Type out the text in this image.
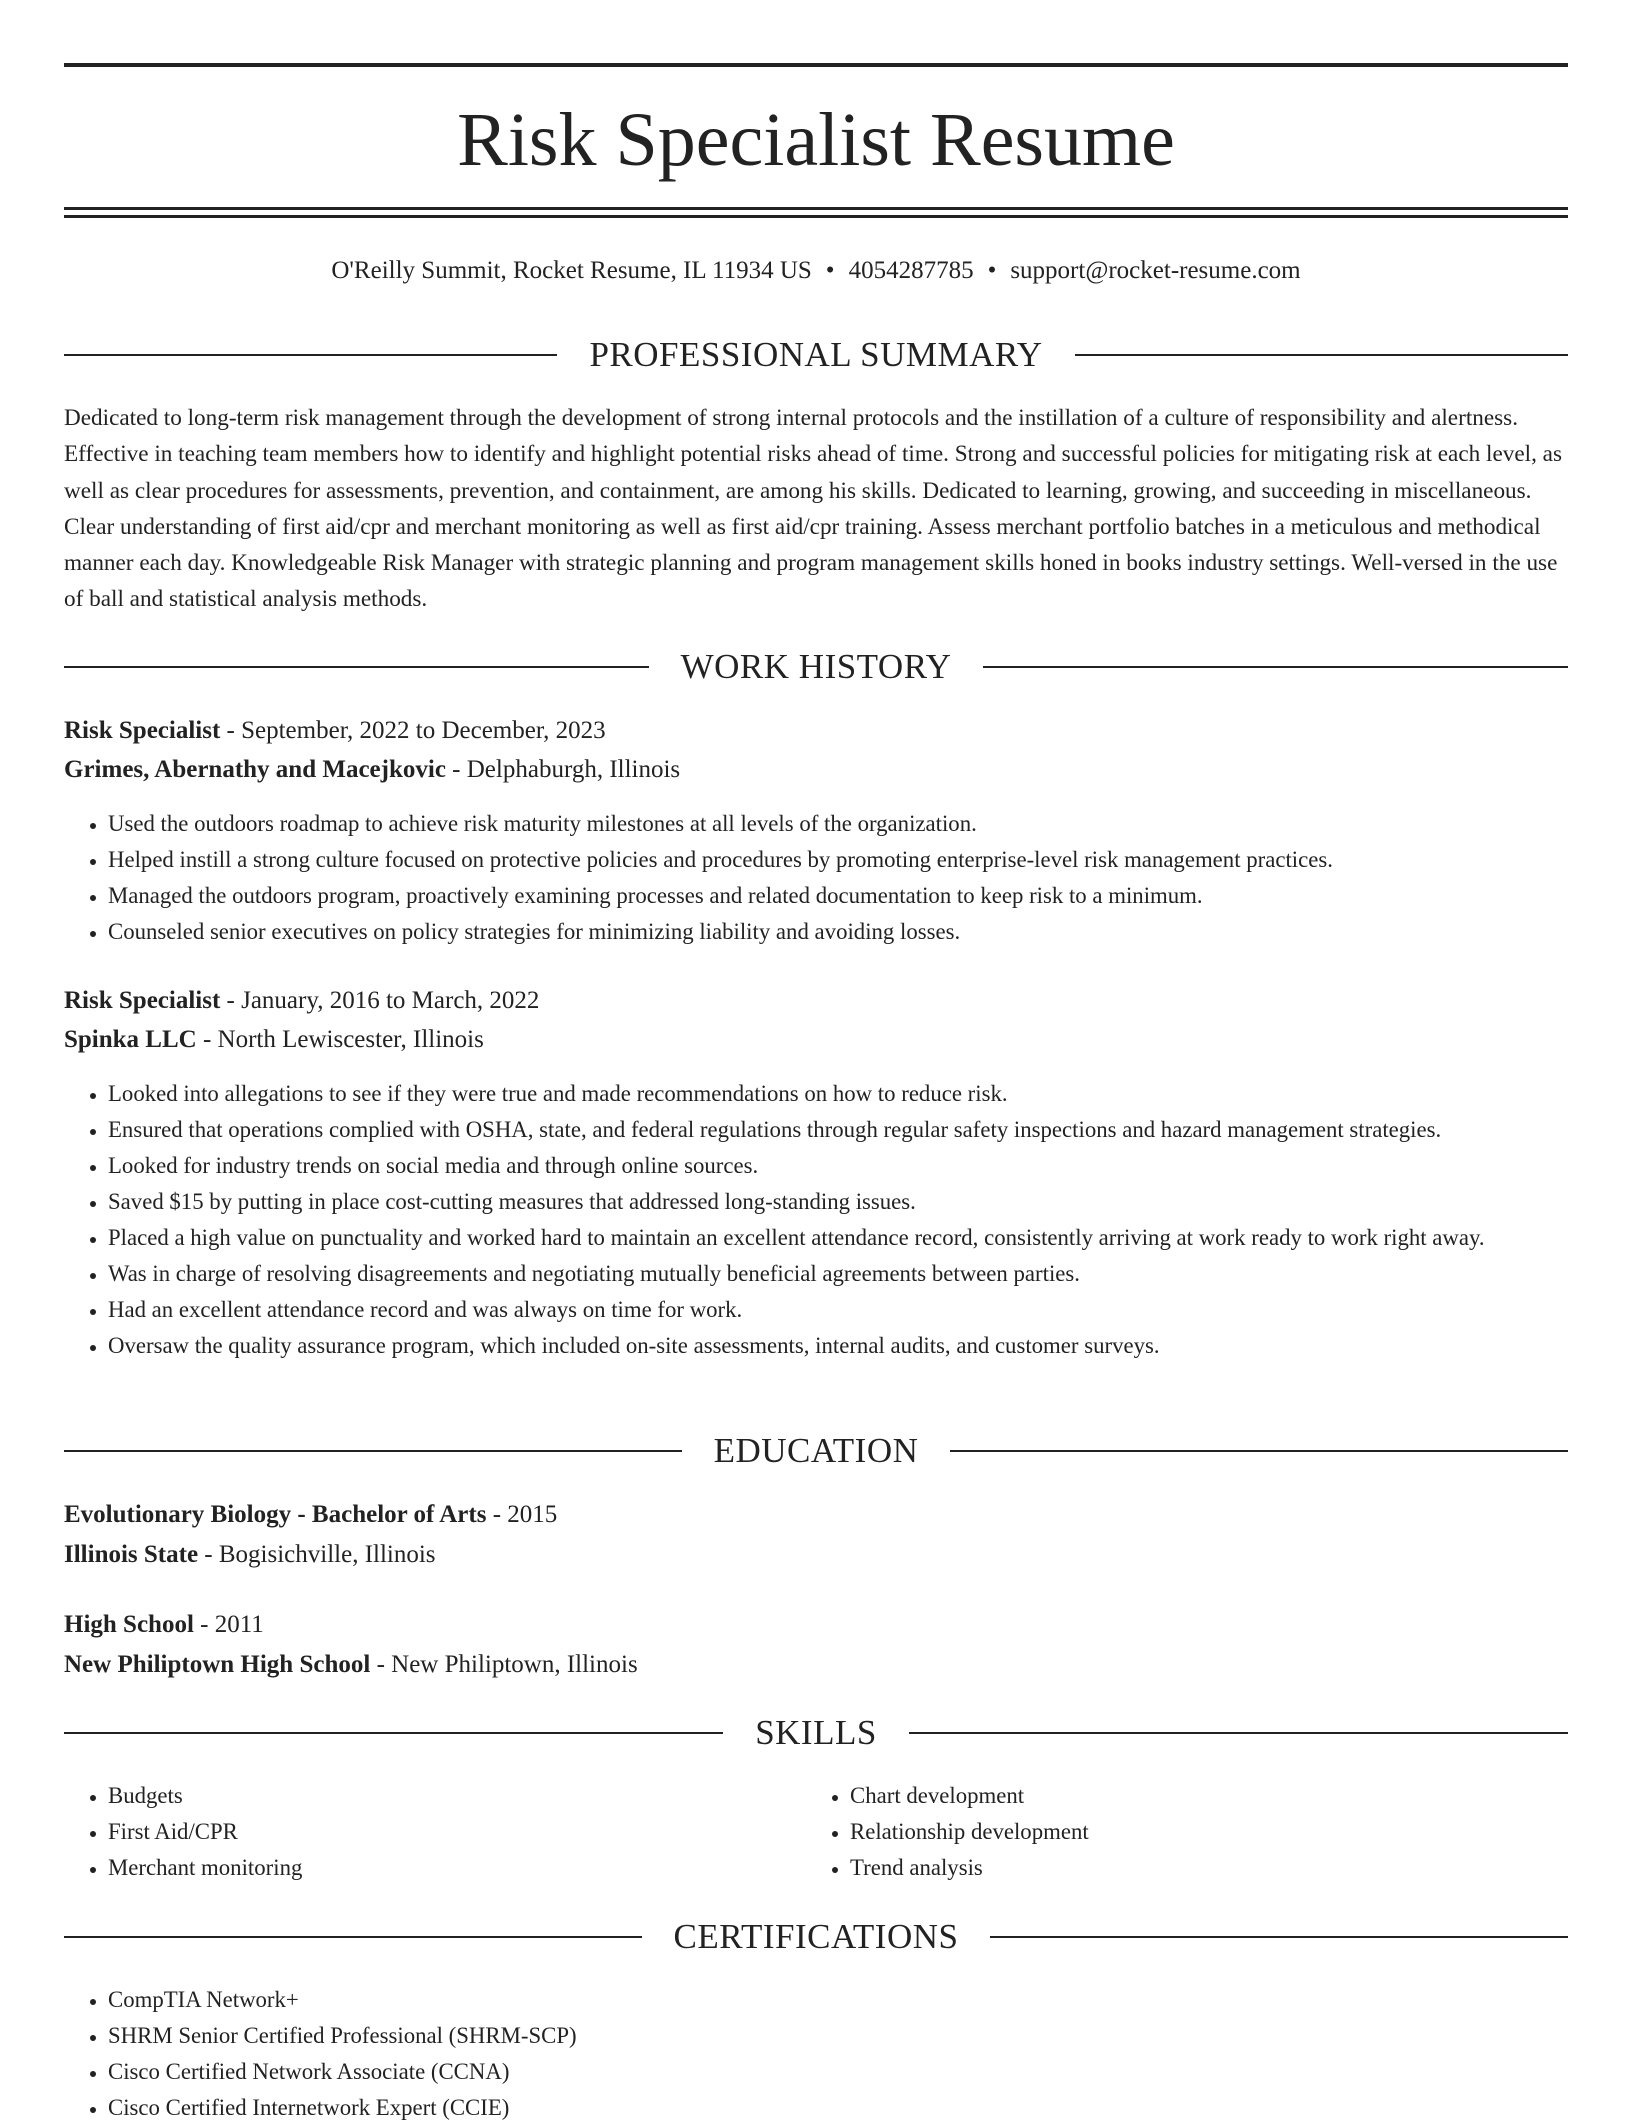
Risk Specialist Resume
O'Reilly Summit, Rocket Resume, IL 11934 US • 4054287785 • support@rocket-resume.com
PROFESSIONAL SUMMARY
Dedicated to long-term risk management through the development of strong internal protocols and the instillation of a culture of responsibility and alertness. Effective in teaching team members how to identify and highlight potential risks ahead of time. Strong and successful policies for mitigating risk at each level, as well as clear procedures for assessments, prevention, and containment, are among his skills. Dedicated to learning, growing, and succeeding in miscellaneous. Clear understanding of first aid/cpr and merchant monitoring as well as first aid/cpr training. Assess merchant portfolio batches in a meticulous and methodical manner each day. Knowledgeable Risk Manager with strategic planning and program management skills honed in books industry settings. Well-versed in the use of ball and statistical analysis methods.
WORK HISTORY
Risk Specialist - September, 2022 to December, 2023
Grimes, Abernathy and Macejkovic - Delphaburgh, Illinois
• Used the outdoors roadmap to achieve risk maturity milestones at all levels of the organization.
• Helped instill a strong culture focused on protective policies and procedures by promoting enterprise-level risk management practices.
• Managed the outdoors program, proactively examining processes and related documentation to keep risk to a minimum.
• Counseled senior executives on policy strategies for minimizing liability and avoiding losses.
Risk Specialist - January, 2016 to March, 2022
Spinka LLC - North Lewiscester, Illinois
• Looked into allegations to see if they were true and made recommendations on how to reduce risk.
• Ensured that operations complied with OSHA, state, and federal regulations through regular safety inspections and hazard management strategies.
• Looked for industry trends on social media and through online sources.
• Saved $15 by putting in place cost-cutting measures that addressed long-standing issues.
• Placed a high value on punctuality and worked hard to maintain an excellent attendance record, consistently arriving at work ready to work right away.
• Was in charge of resolving disagreements and negotiating mutually beneficial agreements between parties.
• Had an excellent attendance record and was always on time for work.
• Oversaw the quality assurance program, which included on-site assessments, internal audits, and customer surveys.
EDUCATION
Evolutionary Biology - Bachelor of Arts - 2015
Illinois State - Bogisichville, Illinois
High School - 2011
New Philiptown High School - New Philiptown, Illinois
SKILLS
• Budgets
• First Aid/CPR
• Merchant monitoring
• Chart development
• Relationship development
• Trend analysis
CERTIFICATIONS
• CompTIA Network+
• SHRM Senior Certified Professional (SHRM-SCP)
• Cisco Certified Network Associate (CCNA)
• Cisco Certified Internetwork Expert (CCIE)
